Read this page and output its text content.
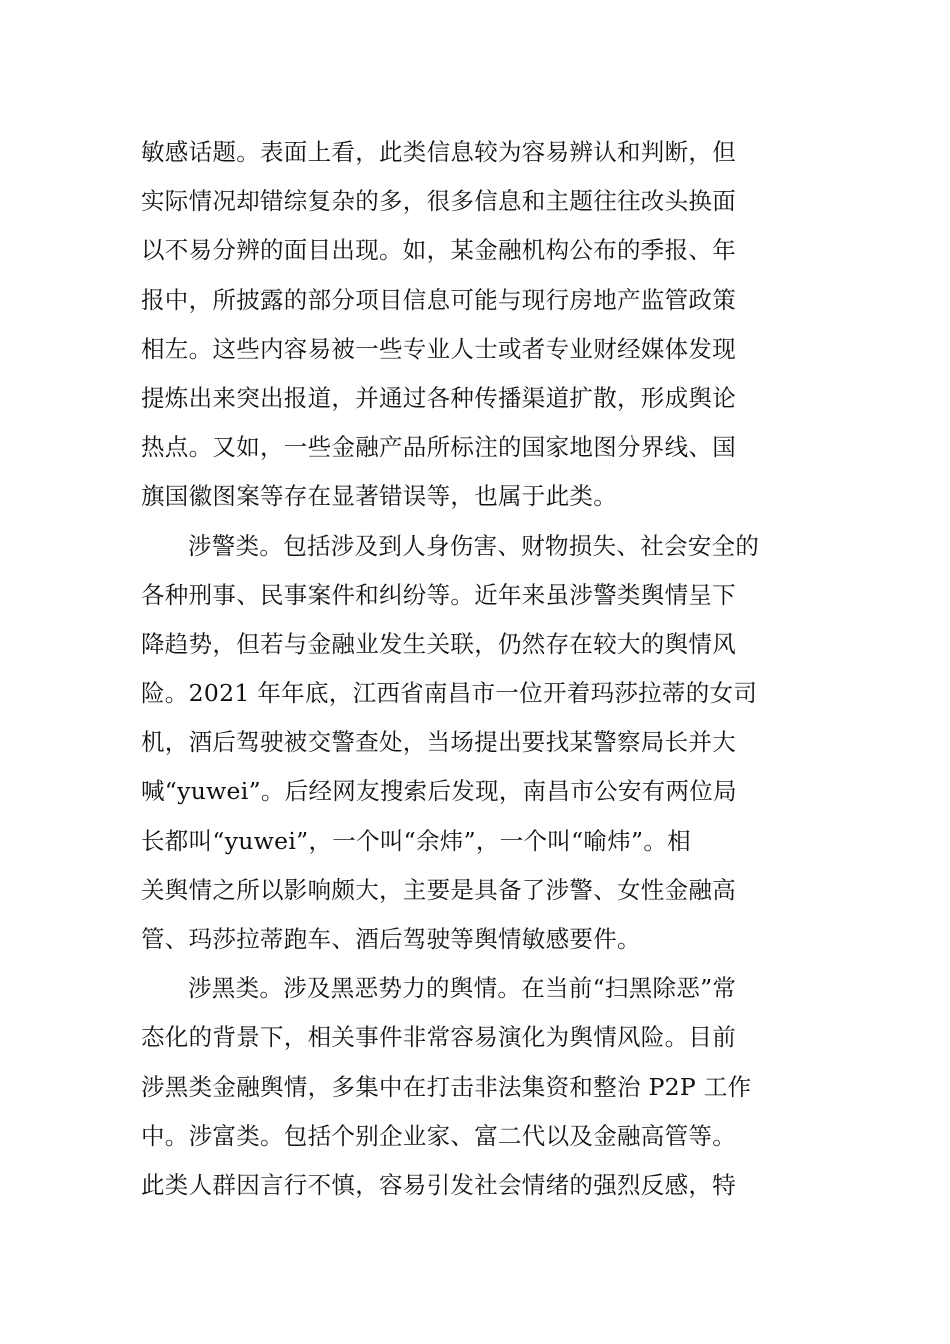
敏感话题。表面上看，此类信息较为容易辨认和判断，但
实际情况却错综复杂的多，很多信息和主题往往改头换面
以不易分辨的面目出现。如，某金融机构公布的季报、年
报中，所披露的部分项目信息可能与现行房地产监管政策
相左。这些内容易被一些专业人士或者专业财经媒体发现
提炼出来突出报道，并通过各种传播渠道扩散，形成舆论
热点。又如，一些金融产品所标注的国家地图分界线、国
旗国徽图案等存在显著错误等，也属于此类。
涉警类。包括涉及到人身伤害、财物损失、社会安全的
各种刑事、民事案件和纠纷等。近年来虽涉警类舆情呈下
降趋势，但若与金融业发生关联，仍然存在较大的舆情风
险。2021 年年底，江西省南昌市一位开着玛莎拉蒂的女司
机，酒后驾驶被交警查处，当场提出要找某警察局长并大
喊“yuwei”。后经网友搜索后发现，南昌市公安有两位局
长都叫“yuwei”，一个叫“余炜”，一个叫“喻炜”。相
关舆情之所以影响颇大，主要是具备了涉警、女性金融高
管、玛莎拉蒂跑车、酒后驾驶等舆情敏感要件。
涉黑类。涉及黑恶势力的舆情。在当前“扫黑除恶”常
态化的背景下，相关事件非常容易演化为舆情风险。目前
涉黑类金融舆情，多集中在打击非法集资和整治 P2P 工作
中。涉富类。包括个别企业家、富二代以及金融高管等。
此类人群因言行不慎，容易引发社会情绪的强烈反感，特
